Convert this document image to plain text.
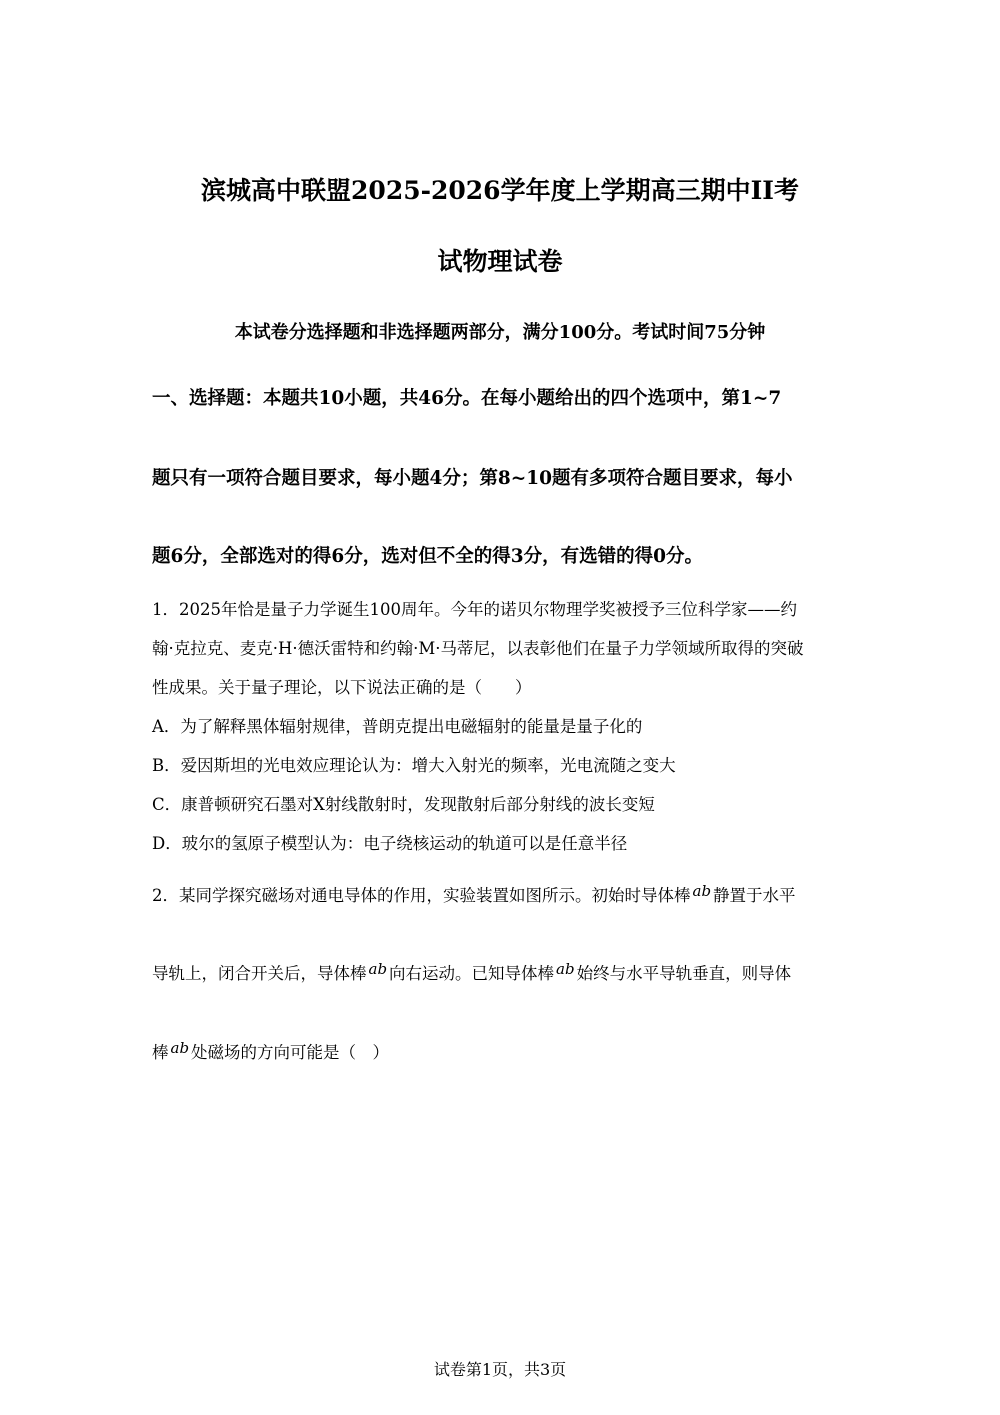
滨城高中联盟2025-2026学年度上学期高三期中II考
试物理试卷
本试卷分选择题和非选择题两部分，满分100分。考试时间75分钟
一、选择题：本题共10小题，共46分。在每小题给出的四个选项中，第1~7
题只有一项符合题目要求，每小题4分；第8~10题有多项符合题目要求，每小
题6分，全部选对的得6分，选对但不全的得3分，有选错的得0分。
1．2025年恰是量子力学诞生100周年。今年的诺贝尔物理学奖被授予三位科学家——约
翰·克拉克、麦克·H·德沃雷特和约翰·M·马蒂尼，以表彰他们在量子力学领域所取得的突破
性成果。关于量子理论，以下说法正确的是（　　）
A．为了解释黑体辐射规律，普朗克提出电磁辐射的能量是量子化的
B．爱因斯坦的光电效应理论认为：增大入射光的频率，光电流随之变大
C．康普顿研究石墨对X射线散射时，发现散射后部分射线的波长变短
D．玻尔的氢原子模型认为：电子绕核运动的轨道可以是任意半径
2．某同学探究磁场对通电导体的作用，实验装置如图所示。初始时导体棒 ab 静置于水平
导轨上，闭合开关后，导体棒 ab 向右运动。已知导体棒 ab 始终与水平导轨垂直，则导体
棒 ab 处磁场的方向可能是（　）
试卷第1页，共3页
